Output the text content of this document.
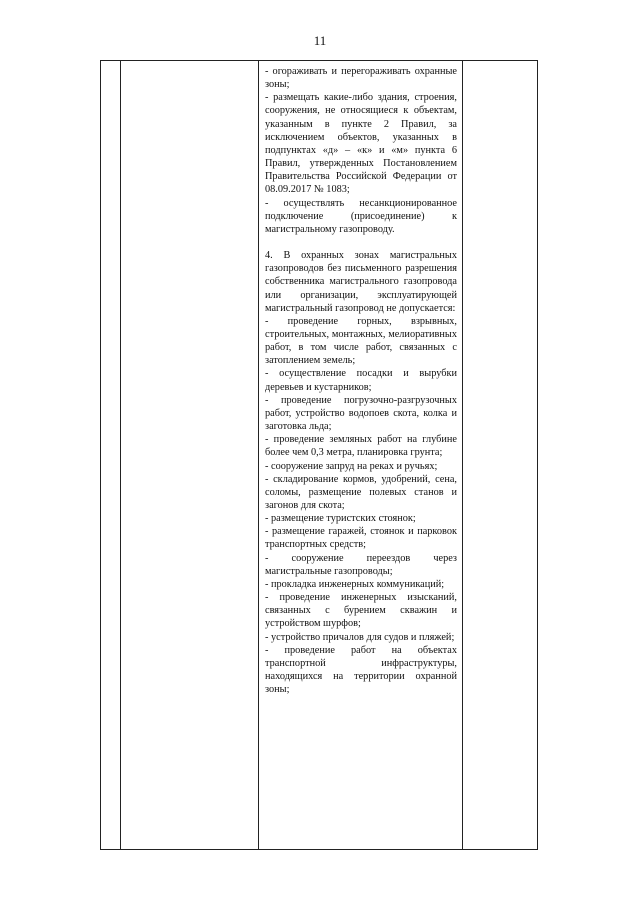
11

- огораживать и перегораживать охранные зоны;

- размещать какие-либо здания, строения, сооружения, не относящиеся к объектам, указанным в пункте 2 Правил, за исключением объектов, указанных в подпунктах «д» – «к» и «м» пункта 6 Правил, утвержденных Постановлением Правительства Российской Федерации от 08.09.2017 № 1083;

- осуществлять несанкционированное подключение (присоединение) к магистральному газопроводу.

4. В охранных зонах магистральных газопроводов без письменного разрешения собственника магистрального газопровода или организации, эксплуатирующей магистральный газопровод не допускается:

- проведение горных, взрывных, строительных, монтажных, мелиоративных работ, в том числе работ, связанных с затоплением земель;

- осуществление посадки и вырубки деревьев и кустарников;

- проведение погрузочно-разгрузочных работ, устройство водопоев скота, колка и заготовка льда;

- проведение земляных работ на глубине более чем 0,3 метра, планировка грунта;

- сооружение запруд на реках и ручьях;

- складирование кормов, удобрений, сена, соломы, размещение полевых станов и загонов для скота;

- размещение туристских стоянок;

- размещение гаражей, стоянок и парковок транспортных средств;

- сооружение переездов через магистральные газопроводы;

- прокладка инженерных коммуникаций;

- проведение инженерных изысканий, связанных с бурением скважин и устройством шурфов;

- устройство причалов для судов и пляжей;

- проведение работ на объектах транспортной инфраструктуры, находящихся на территории охранной зоны;
